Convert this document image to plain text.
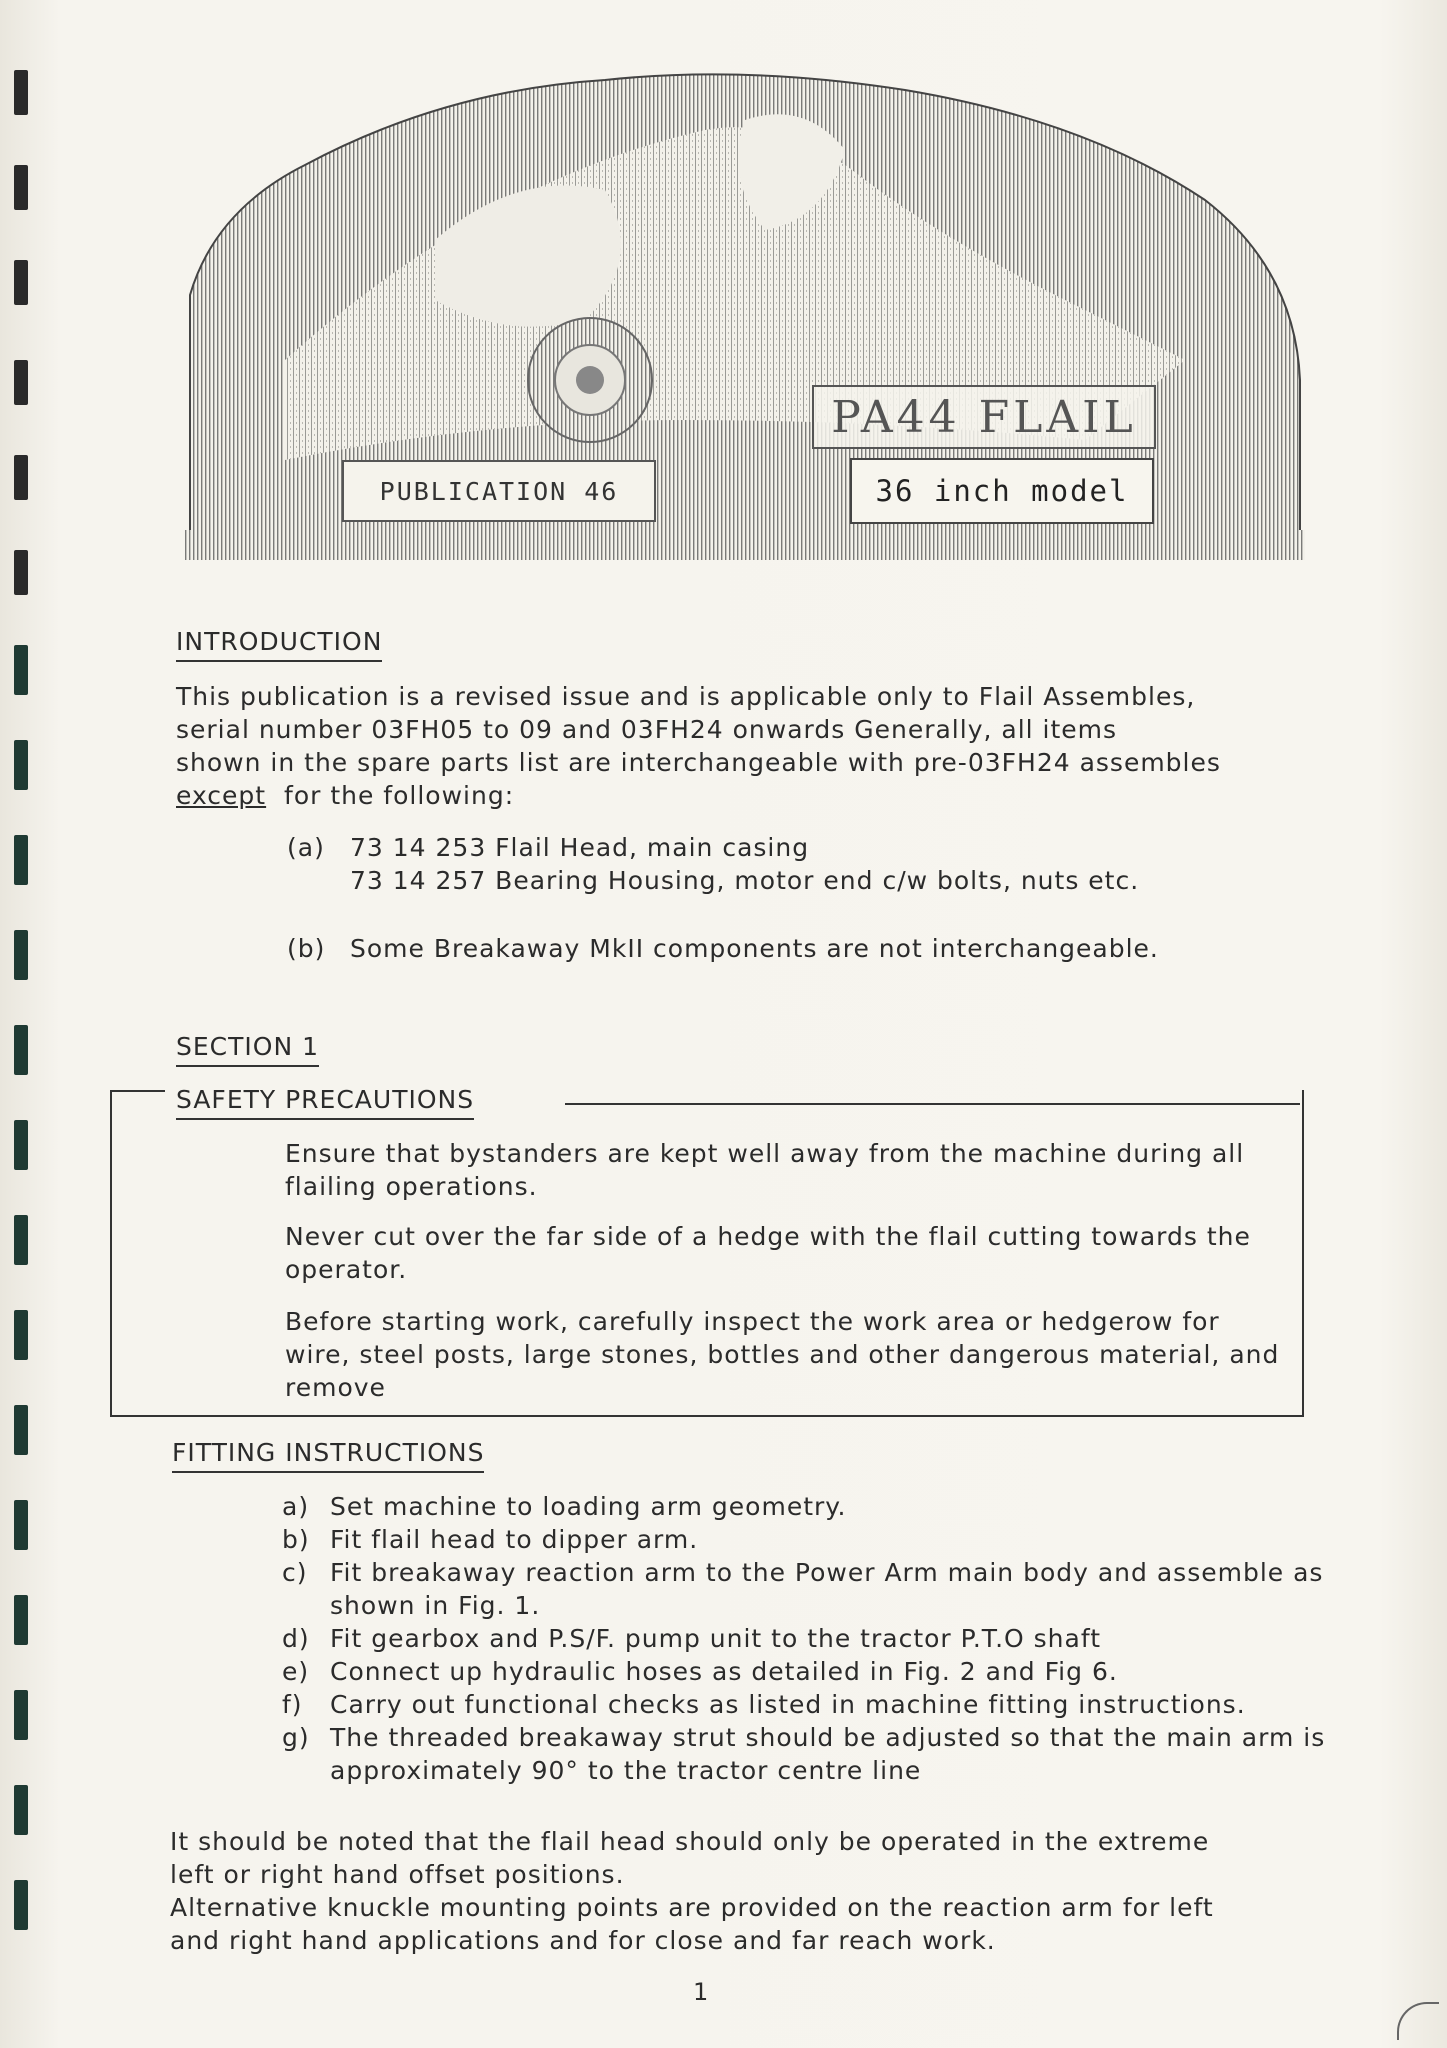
PA44 FLAIL
PUBLICATION 46	36 inch model
INTRODUCTION

This publication is a revised issue and is applicable only to Flail Assembles,

serial number 03FH05 to 09 and 03FH24 onwards Generally, all items

shown in the spare parts list are interchangeable with pre-03FH24 assembles

except for the following:

(a) 73 14 253 Flail Head, main casing
73 14 257 Bearing Housing, motor end c/w bolts, nuts etc.
(b) Some Breakaway MkII components are not interchangeable.
SECTION 1
SAFETY PRECAUTIONS
Ensure that bystanders are kept well away from the machine during all flailing operations.
Never cut over the far side of a hedge with the flail cutting towards the operator.
Before starting work, carefully inspect the work area or hedgerow for wire, steel posts, large stones, bottles and other dangerous material, and remove
FITTING INSTRUCTIONS
a) Set machine to loading arm geometry.
b) Fit flail head to dipper arm.
c) Fit breakaway reaction arm to the Power Arm main body and assemble as shown in Fig. 1.
d) Fit gearbox and P.S/F. pump unit to the tractor P.T.O shaft
e) Connect up hydraulic hoses as detailed in Fig. 2 and Fig 6.
f)	Carry out functional checks as listed in machine fitting instructions.
g) The threaded breakaway strut should be adjusted so that the main arm is approximately 90° to the tractor centre line

It should be noted that the flail head should only be operated in the extreme

left or right hand offset positions.

Alternative knuckle mounting points are provided on the reaction arm for left

and right hand applications and for close and far reach work.

1
